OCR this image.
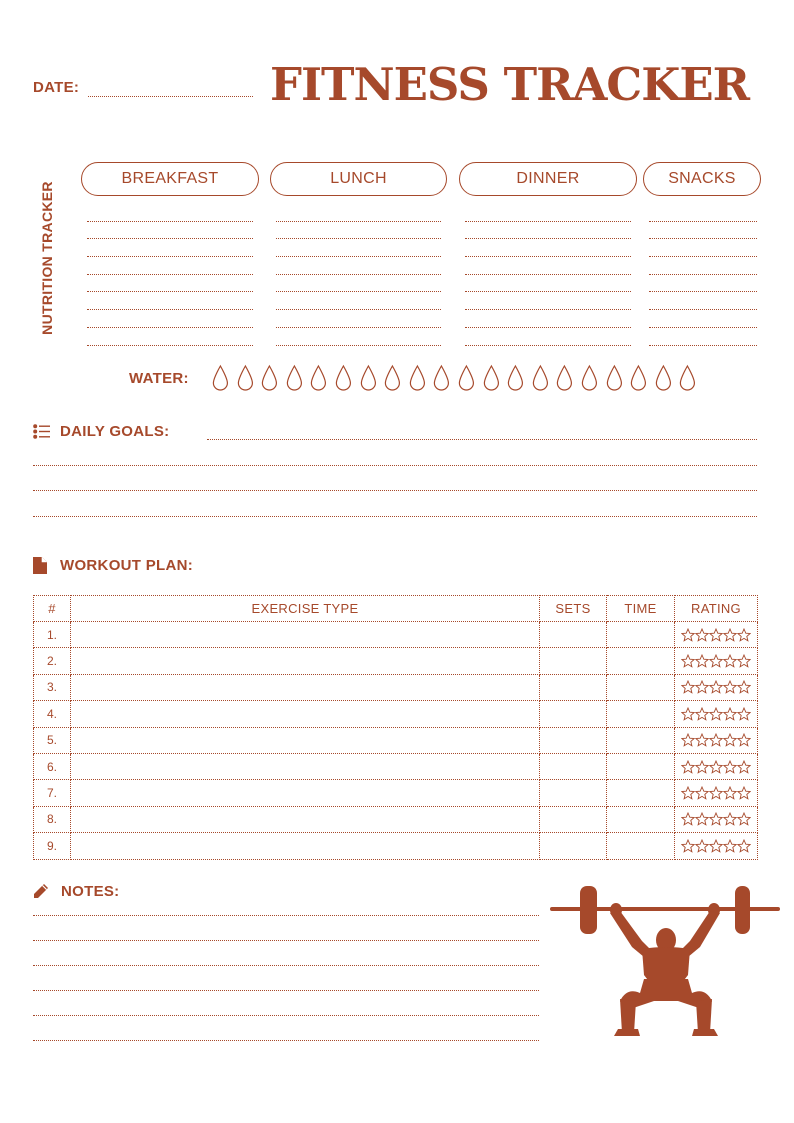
DATE:	FITNESS TRACKER
NUTRITION TRACKER
BREAKFAST	LUNCH	DINNER	SNACKS
WATER:
DAILY GOALS:
WORKOUT PLAN:
#	EXERCISE TYPE	SETS	TIME	RATING
1.				

2.				

3.				

4.				

5.				

6.				

7.				

8.				

9.				
NOTES:
